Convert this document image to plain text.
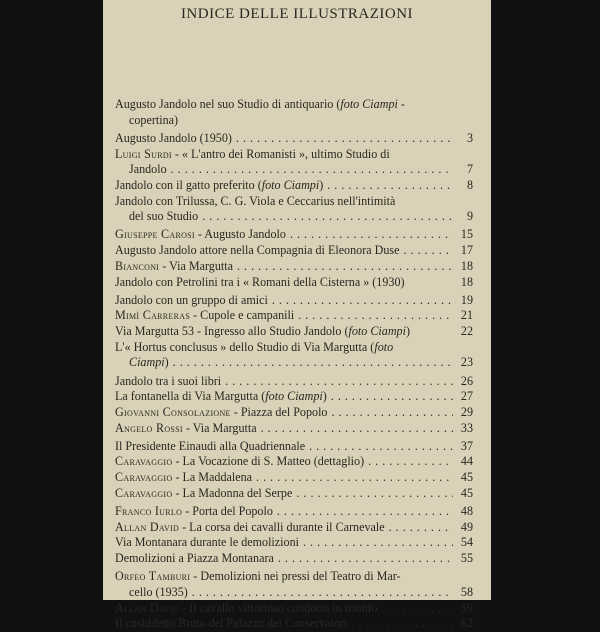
INDICE DELLE ILLUSTRAZIONI
Augusto Jandolo nel suo Studio di antiquario (foto Ciampi -
copertina)
Augusto Jandolo (1950) . . .	3
Luigi Surdi - « L'antro dei Romanisti », ultimo Studio di
Jandolo . . .	7
Jandolo con il gatto preferito (foto Ciampi) . . .	8
Jandolo con Trilussa, C. G. Viola e Ceccarius nell'intimità
del suo Studio . . .	9
Giuseppe Carosi - Augusto Jandolo . . .	15
Augusto Jandolo attore nella Compagnia di Eleonora Duse . . .	17
Bianconi - Via Margutta . . .	18
Jandolo con Petrolini tra i « Romani della Cisterna » (1930)	18
Jandolo con un gruppo di amici . . .	19
Mimì Carreras - Cupole e campanili . . .	21
Via Margutta 53 - Ingresso allo Studio Jandolo (foto Ciampi)	22
L'« Hortus conclusus » dello Studio di Via Margutta (foto
Ciampi) . . .	23
Jandolo tra i suoi libri . . .	26
La fontanella di Via Margutta (foto Ciampi) . . .	27
Giovanni Consolazione - Piazza del Popolo . . .	29
Angelo Rossi - Via Margutta . . .	33
Il Presidente Einaudi alla Quadriennale . . .	37
Caravaggio - La Vocazione di S. Matteo (dettaglio) . . .	44
Caravaggio - La Maddalena . . .	45
Caravaggio - La Madonna del Serpe . . .	45
Franco Iurlo - Porta del Popolo . . .	48
Allan David - La corsa dei cavalli durante il Carnevale . . .	49
Via Montanara durante le demolizioni . . .	54
Demolizioni a Piazza Montanara . . .	55
Orfeo Tamburi - Demolizioni nei pressi del Teatro di Mar-
cello (1935) . . .	58
Allan David - Il cavallo vittorioso condotto in trionfo . . .	59
Il cosiddetto Bruto del Palazzo dei Conservatori . . .	62
